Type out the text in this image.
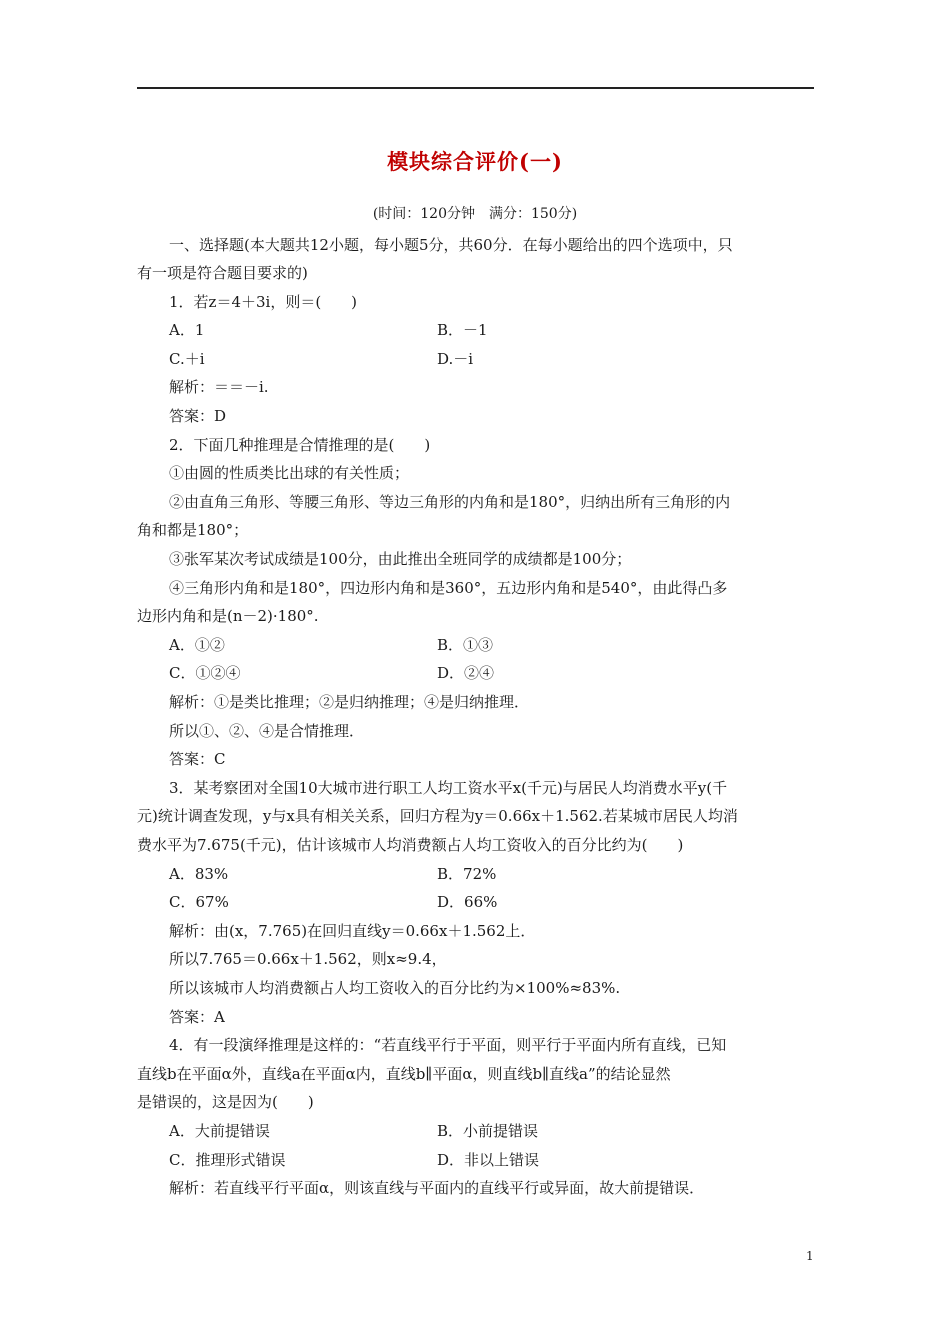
模块综合评价(一)
(时间：120分钟　满分：150分)
一、选择题(本大题共12小题，每小题5分，共60分．在每小题给出的四个选项中，只
有一项是符合题目要求的)
1．若z＝4＋3i，则＝(　　)
A．1	B．－1
C.＋i	D.－i
解析：＝＝－i.
答案：D
2．下面几种推理是合情推理的是(　　)
①由圆的性质类比出球的有关性质；
②由直角三角形、等腰三角形、等边三角形的内角和是180°，归纳出所有三角形的内
角和都是180°；
③张军某次考试成绩是100分，由此推出全班同学的成绩都是100分；
④三角形内角和是180°，四边形内角和是360°，五边形内角和是540°，由此得凸多
边形内角和是(n－2)·180°.
A．①②	B．①③
C．①②④	D．②④
解析：①是类比推理；②是归纳推理；④是归纳推理．
所以①、②、④是合情推理．
答案：C
3．某考察团对全国10大城市进行职工人均工资水平x(千元)与居民人均消费水平y(千
元)统计调查发现，y与x具有相关关系，回归方程为y＝0.66x＋1.562.若某城市居民人均消
费水平为7.675(千元)，估计该城市人均消费额占人均工资收入的百分比约为(　　)
A．83%	B．72%
C．67%	D．66%
解析：由(x，7.765)在回归直线y＝0.66x＋1.562上．
所以7.765＝0.66x＋1.562，则x≈9.4，
所以该城市人均消费额占人均工资收入的百分比约为×100%≈83%.
答案：A
4．有一段演绎推理是这样的：“若直线平行于平面，则平行于平面内所有直线，已知
直线b在平面α外，直线a在平面α内，直线b∥平面α，则直线b∥直线a”的结论显然
是错误的，这是因为(　　)
A．大前提错误	B．小前提错误
C．推理形式错误	D．非以上错误
解析：若直线平行平面α，则该直线与平面内的直线平行或异面，故大前提错误．
1
